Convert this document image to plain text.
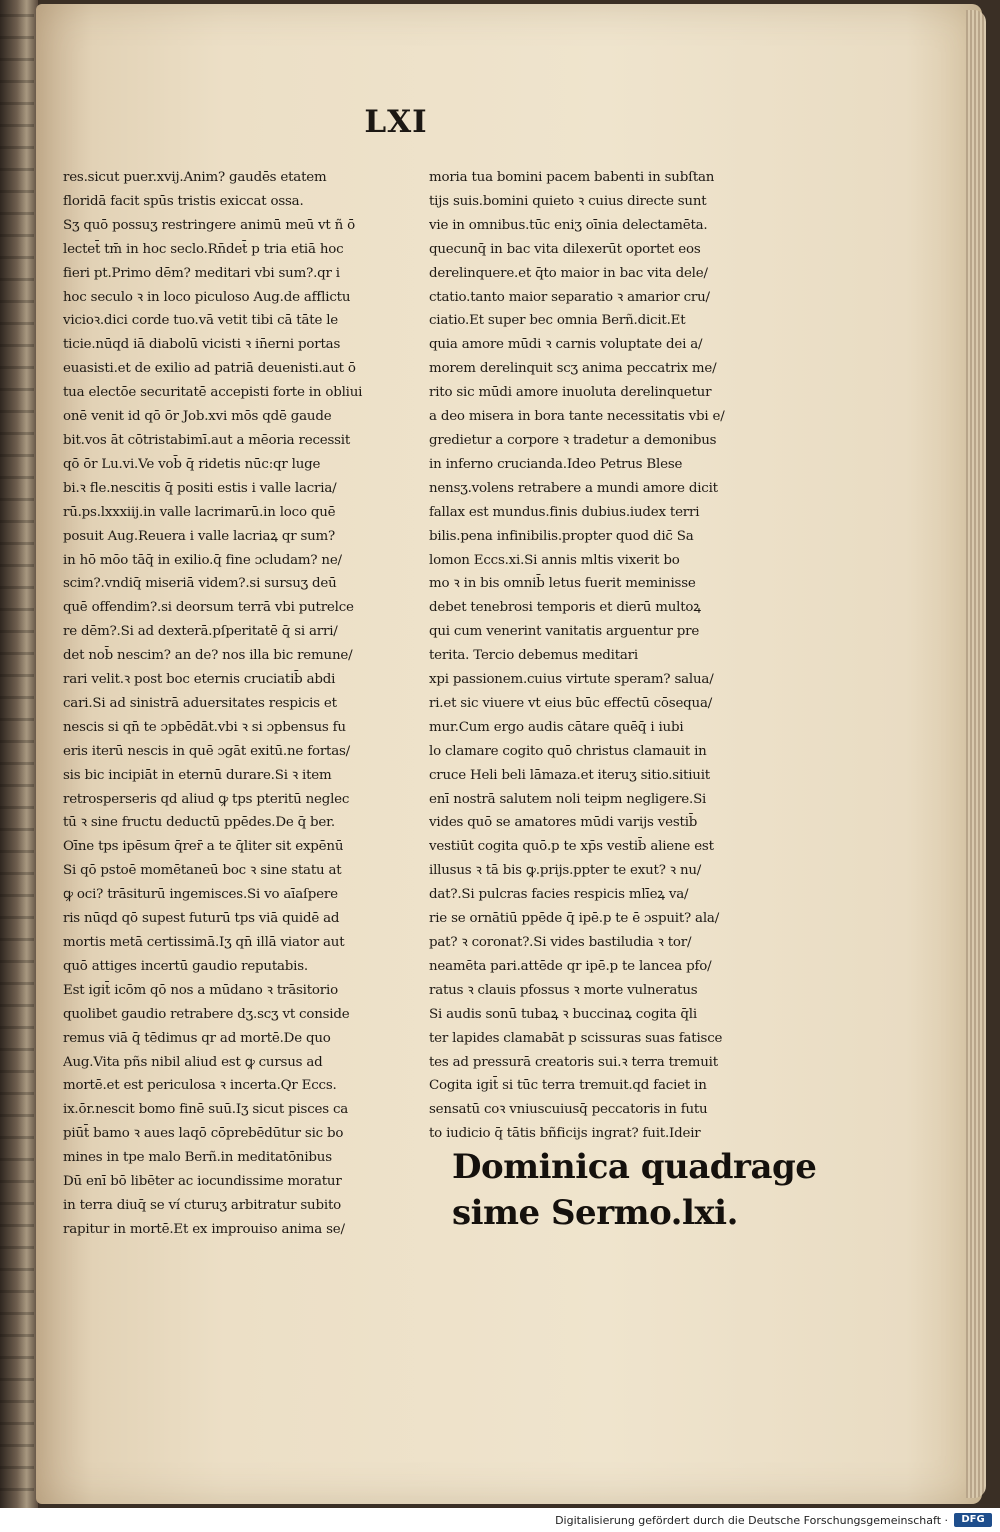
LXI
res.sicut puer.xvij.Anim? gaudēs etatem
floridā facit spūs tristis exiccat ossa.
Sʒ quō possuʒ restringere animū meū vt ñ ō
lectet̄ tm̄ in hoc seclo.Rn̄det̄ p tria etiā hoc
fieri pt.Primo dēm? meditari vbi sum?.qr i
hoc seculo ꝛ in loco piculoso Aug.de afflictu
vicioꝛ.dici corde tuo.vā vetit tibi cā tāte le
ticie.nūqd iā diabolū vicisti ꝛ in̄erni portas
euasisti.et de exilio ad patriā deuenisti.aut ō
tua electōe securitatē accepisti forte in obliui
onē venit id qō ōr Job.xvi mōs qdē gaude
bit.vos āt cōtristabimī.aut a mēoria recessit
qō ōr Lu.vi.Ve vob̄ q̄ ridetis nūc:qr luge
bi.ꝛ fle.nescitis q̄ positi estis i valle lacria/
rū.ps.lxxxiij.in valle lacrimarū.in loco quē
posuit Aug.Reuera i valle lacriaꝝ qr sum?
in hō mōo tāq̄ in exilio.q̄ fine ɔcludam? ne/
scim?.vndiq̄ miseriā videm?.si sursuʒ deū
quē offendim?.si deorsum terrā vbi putrelce
re dēm?.Si ad dexterā.pſperitatē q̄ si arri/
det nob̄ nescim? an de? nos illa bic remune/
rari velit.ꝛ post boc eternis cruciatib̄ abdi
cari.Si ad sinistrā aduersitates respicis et
nescis si qn̄ te ɔpbēdāt.vbi ꝛ si ɔpbensus fu
eris iterū nescis in quē ɔgāt exitū.ne fortas/
sis bic incipiāt in eternū durare.Si ꝛ item
retrosperseris qd aliud ꝙ tps pteritū neglec
tū ꝛ sine fructu deductū ppēdes.De q̄ ber.
Oīne tps ipēsum q̄rer̄ a te q̄liter sit expēnū
Si qō pstoē momētaneū boc ꝛ sine statu at
ꝙ oci? trāsiturū ingemisces.Si vo aīaſpere
ris nūqd qō supest futurū tps viā quidē ad
mortis metā certissimā.Iʒ qn̄ illā viator aut
quō attiges incertū gaudio reputabis.
Est igit̄ icōm qō nos a mūdano ꝛ trāsitorio
quolibet gaudio retrabere dʒ.scʒ vt conside
remus viā q̄ tēdimus qr ad mortē.De quo
Aug.Vita pñs nibil aliud est ꝙ cursus ad
mortē.et est periculosa ꝛ incerta.Qr Eccs.
ix.ōr.nescit bomo finē suū.Iʒ sicut pisces ca
piūt̄ bamo ꝛ aues laqō cōprebēdūtur sic bo
mines in tpe malo Berñ.in meditatōnibus
Dū enī bō libēter ac iocundissime moratur
in terra diuq̄ se ví cturuʒ arbitratur subito
rapitur in mortē.Et ex improuiso anima se/
moria tua bomini pacem babenti in subſtan
tijs suis.bomini quieto ꝛ cuius directe sunt
vie in omnibus.tūc eniʒ oīnia delectamēta.
quecunq̄ in bac vita dilexerūt oportet eos
derelinquere.et q̄to maior in bac vita dele/
ctatio.tanto maior separatio ꝛ amarior cru/
ciatio.Et super bec omnia Berñ.dicit.Et
quia amore mūdi ꝛ carnis voluptate dei a/
morem derelinquit scʒ anima peccatrix me/
rito sic mūdi amore inuoluta derelinquetur
a deo misera in bora tante necessitatis vbi e/
gredietur a corpore ꝛ tradetur a demonibus
in inferno crucianda.Ideo Petrus Blese
nensʒ.volens retrabere a mundi amore dicit
fallax est mundus.finis dubius.iudex terri
bilis.pena infinibilis.propter quod dic̄ Sa
lomon Eccs.xi.Si annis mltis vixerit bo
mo ꝛ in bis omnib̄ letus fuerit meminisse
debet tenebrosi temporis et dierū multoꝝ
qui cum venerint vanitatis arguentur pre
terita. Tercio debemus meditari
xpi passionem.cuius virtute speram? salua/
ri.et sic viuere vt eius būc effectū cōsequa/
mur.Cum ergo audis cātare quēq̄ i iubi
lo clamare cogito quō christus clamauit in
cruce Heli beli lāmaza.et iteruʒ sitio.sitiuit
enī nostrā salutem noli teipm negligere.Si
vides quō se amatores mūdi varijs vestib̄
vestiūt cogita quō.p te xp̄s vestib̄ aliene est
illusus ꝛ tā bis ꝙ.prijs.ppter te exut? ꝛ nu/
dat?.Si pulcras facies respicis mlīeꝝ va/
rie se ornātiū ppēde q̄ ipē.p te ē ɔspuit? ala/
pat? ꝛ coronat?.Si vides bastiludia ꝛ tor/
neamēta pari.attēde qr ipē.p te lancea pfo/
ratus ꝛ clauis pfossus ꝛ morte vulneratus
Si audis sonū tubaꝝ ꝛ buccinaꝝ cogita q̄li
ter lapides clamabāt p scissuras suas fatisce
tes ad pressurā creatoris sui.ꝛ terra tremuit
Cogita igit̄ si tūc terra tremuit.qd faciet in
sensatū coꝛ vniuscuiusq̄ peccatoris in futu
to iudicio q̄ tātis bñficijs ingrat? fuit.Ideir
Dominica quadrage
sime Sermo.lxi.
Digitalisierung gefördert durch die Deutsche Forschungsgemeinschaft ·	DFG
